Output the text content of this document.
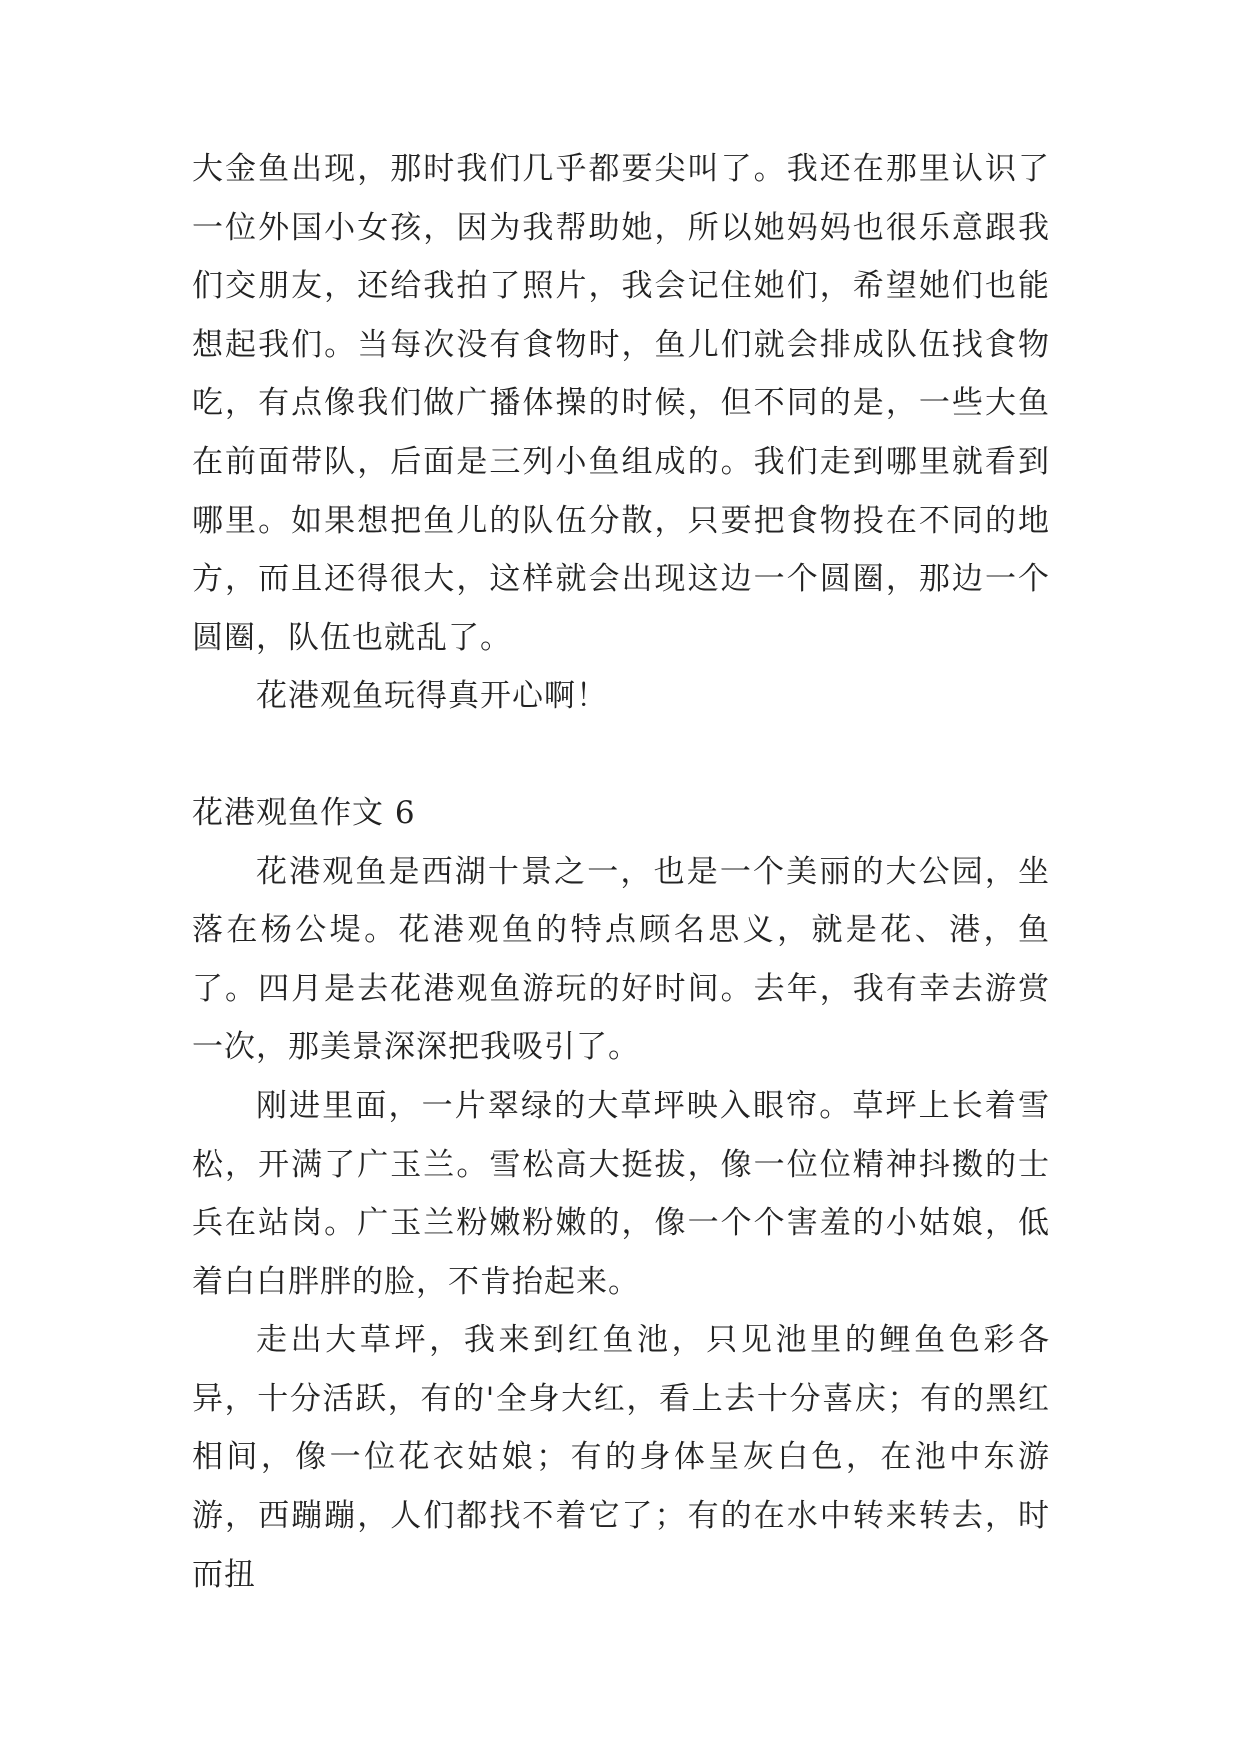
大金鱼出现，那时我们几乎都要尖叫了。我还在那里认识了一位外国小女孩，因为我帮助她，所以她妈妈也很乐意跟我们交朋友，还给我拍了照片，我会记住她们，希望她们也能想起我们。当每次没有食物时，鱼儿们就会排成队伍找食物吃，有点像我们做广播体操的时候，但不同的是，一些大鱼在前面带队，后面是三列小鱼组成的。我们走到哪里就看到哪里。如果想把鱼儿的队伍分散，只要把食物投在不同的地方，而且还得很大，这样就会出现这边一个圆圈，那边一个圆圈，队伍也就乱了。

花港观鱼玩得真开心啊！

花港观鱼作文 6

花港观鱼是西湖十景之一，也是一个美丽的大公园，坐落在杨公堤。花港观鱼的特点顾名思义，就是花、港，鱼了。四月是去花港观鱼游玩的好时间。去年，我有幸去游赏一次，那美景深深把我吸引了。

刚进里面，一片翠绿的大草坪映入眼帘。草坪上长着雪松，开满了广玉兰。雪松高大挺拔，像一位位精神抖擞的士兵在站岗。广玉兰粉嫩粉嫩的，像一个个害羞的小姑娘，低着白白胖胖的脸，不肯抬起来。

走出大草坪，我来到红鱼池，只见池里的鲤鱼色彩各异，十分活跃，有的'全身大红，看上去十分喜庆；有的黑红相间，像一位花衣姑娘；有的身体呈灰白色，在池中东游游，西蹦蹦，人们都找不着它了；有的在水中转来转去，时而扭
